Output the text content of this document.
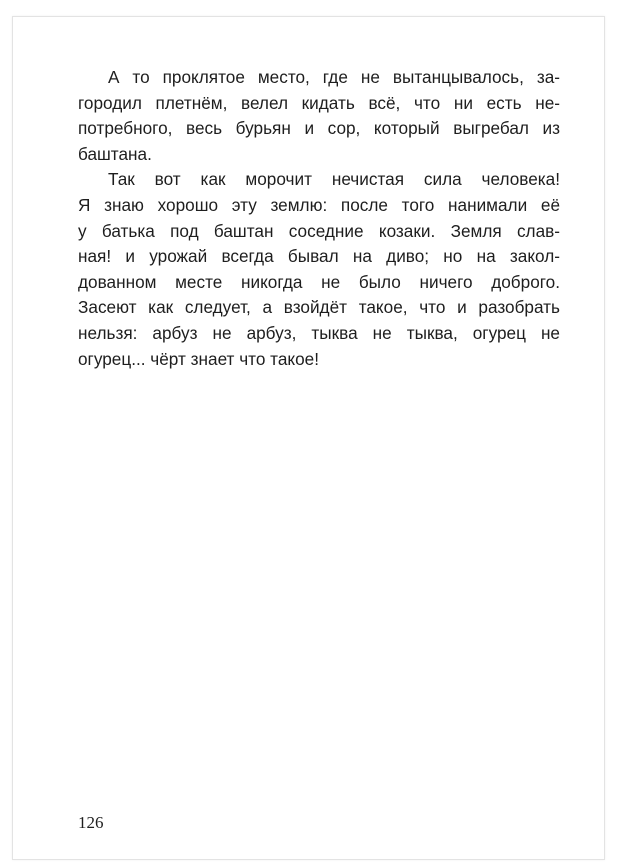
А то проклятое место, где не вытанцывалось, за-
городил плетнём, велел кидать всё, что ни есть не-
потребного, весь бурьян и сор, который выгребал из
баштана.
Так вот как морочит нечистая сила человека!
Я знаю хорошо эту землю: после того нанимали её
у батька под баштан соседние козаки. Земля слав-
ная! и урожай всегда бывал на диво; но на закол-
дованном месте никогда не было ничего доброго.
Засеют как следует, а взойдёт такое, что и разобрать
нельзя: арбуз не арбуз, тыква не тыква, огурец не
огурец... чёрт знает что такое!
126
